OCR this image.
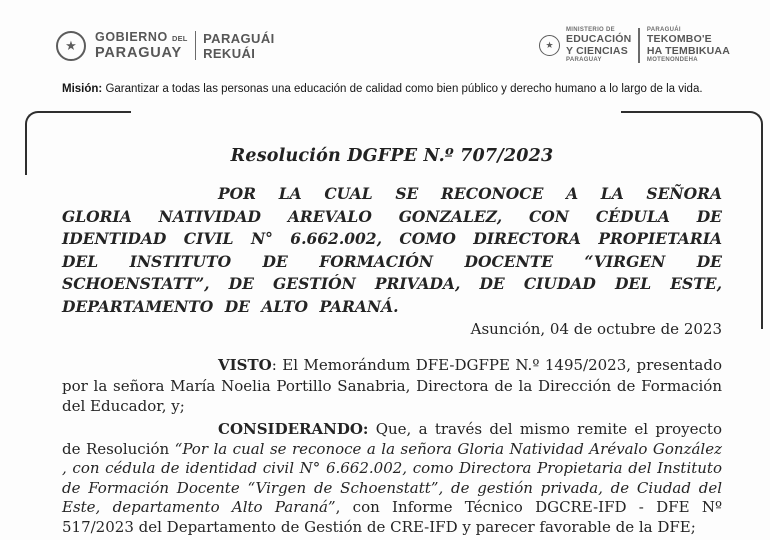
★
GOBIERNO DEL
PARAGUAY
PARAGUÁI
REKUÁI
★
MINISTERIO DE
EDUCACIÓN
Y CIENCIAS
PARAGUAY
PARAGUÁI
TEKOMBO'E
HA TEMBIKUAA
MOTENONDEHA

Misión: Garantizar a todas las personas una educación de calidad como bien público y derecho humano a lo largo de la vida.

Resolución DGFPE N.º 707/2023

POR LA CUAL SE RECONOCE A LA SEÑORA GLORIA NATIVIDAD AREVALO GONZALEZ, CON CÉDULA DE IDENTIDAD CIVIL N° 6.662.002, COMO DIRECTORA PROPIETARIA DEL INSTITUTO DE FORMACIÓN DOCENTE “VIRGEN DE SCHOENSTATT”, DE GESTIÓN PRIVADA, DE CIUDAD DEL ESTE, DEPARTAMENTO DE ALTO PARANÁ.

Asunción, 04 de octubre de 2023

VISTO: El Memorándum DFE-DGFPE N.º 1495/2023, presentado por la señora María Noelia Portillo Sanabria, Directora de la Dirección de Formación del Educador, y;

CONSIDERANDO: Que, a través del mismo remite el proyecto de Resolución “Por la cual se reconoce a la señora Gloria Natividad Arévalo González , con cédula de identidad civil N° 6.662.002, como Directora Propietaria del Instituto de Formación Docente “Virgen de Schoenstatt”, de gestión privada, de Ciudad del Este, departamento Alto Paraná”, con Informe Técnico DGCRE-IFD - DFE Nº 517/2023 del Departamento de Gestión de CRE-IFD y parecer favorable de la DFE;
